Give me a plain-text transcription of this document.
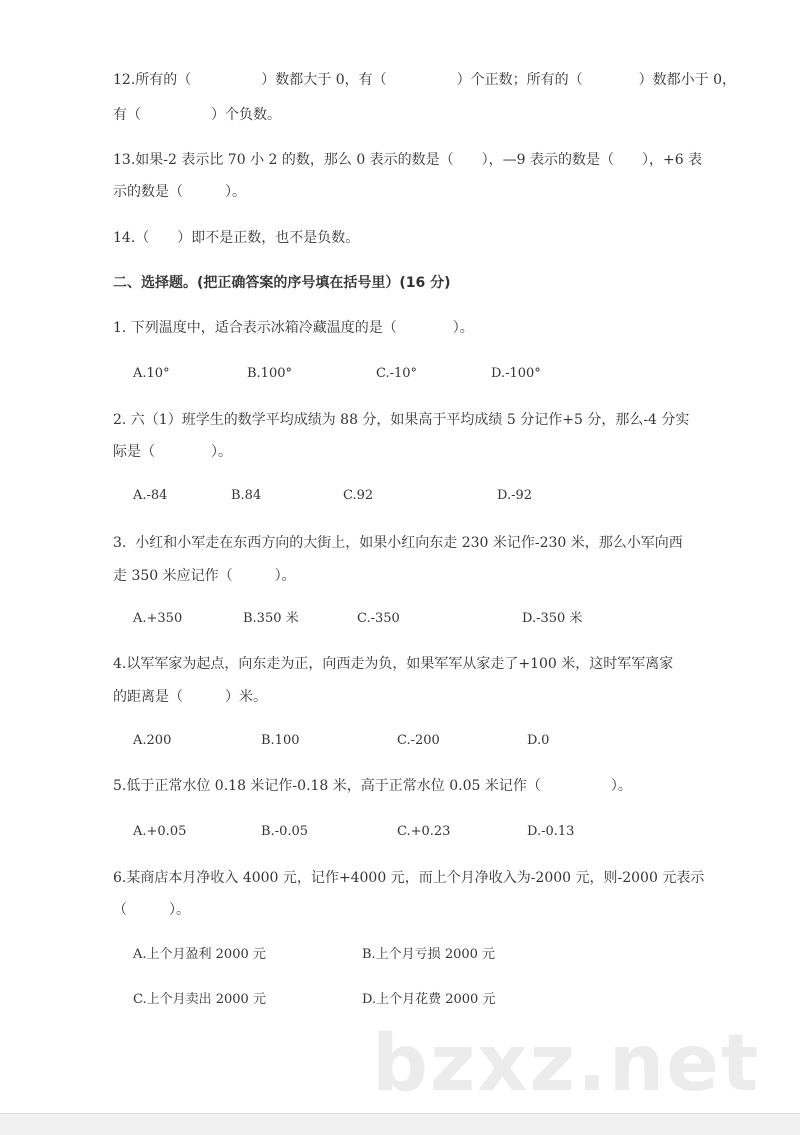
12.所有的（　　　　　）数都大于 0，有（　　　　　）个正数；所有的（　　　　）数都小于 0，
有（　　　　　）个负数。
13.如果-2 表示比 70 小 2 的数，那么 0 表示的数是（　　），—9 表示的数是（　　），+6 表
示的数是（　　　）。
14.（　　）即不是正数，也不是负数。
二、选择题。(把正确答案的序号填在括号里）(16 分)
1. 下列温度中，适合表示冰箱冷藏温度的是（　　　　）。
A.10°	B.100°	C.-10°	D.-100°
2. 六（1）班学生的数学平均成绩为 88 分，如果高于平均成绩 5 分记作+5 分，那么-4 分实
际是（　　　　）。
A.-84	B.84	C.92	D.-92
3.  小红和小军走在东西方向的大街上，如果小红向东走 230 米记作-230 米，那么小军向西
走 350 米应记作（　　　）。
A.+350	B.350 米	C.-350	D.-350 米
4.以军军家为起点，向东走为正，向西走为负，如果军军从家走了+100 米，这时军军离家
的距离是（　　　）米。
A.200	B.100	C.-200	D.0
5.低于正常水位 0.18 米记作-0.18 米，高于正常水位 0.05 米记作（　　　　　）。
A.+0.05	B.-0.05	C.+0.23	D.-0.13
6.某商店本月净收入 4000 元，记作+4000 元，而上个月净收入为-2000 元，则-2000 元表示
（　　　）。
A.上个月盈利 2000 元	B.上个月亏损 2000 元
C.上个月卖出 2000 元	D.上个月花费 2000 元
bzxz.net
